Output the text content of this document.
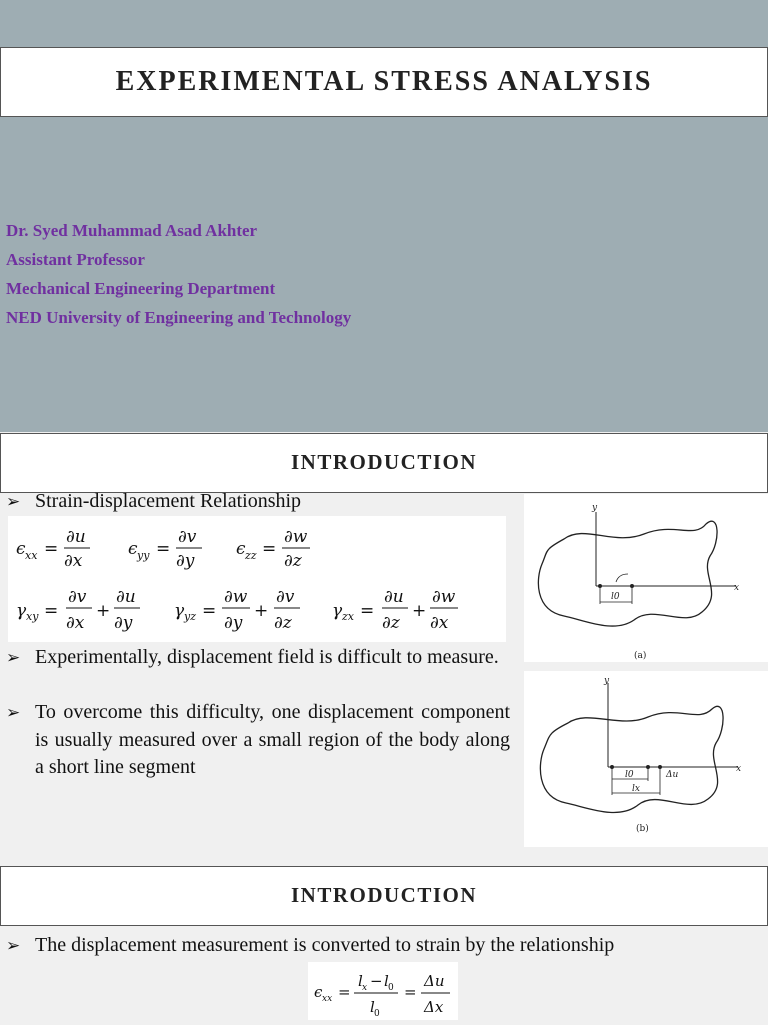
EXPERIMENTAL STRESS ANALYSIS
Dr. Syed Muhammad Asad Akhter
Assistant Professor
Mechanical Engineering Department
NED University of Engineering and Technology
INTRODUCTION
➢ Strain-displacement Relationship
ϵ xx =
∂u
∂x
ϵ yy =
∂v
∂y
ϵ zz =
∂w
∂z
γ xy =
∂v
∂x
+
∂u
∂y
γ yz =
∂w
∂y
+
∂v
∂z
γ zx =
∂u
∂z
+
∂w
∂x
➢ Experimentally, displacement field is difficult to measure.
➢ To overcome this difficulty, one displacement component is usually measured over a small region of the body along a short line segment
y
x
l0
(a)
y
x
l0	Δu
lx
(b)
INTRODUCTION
➢ The displacement measurement is converted to strain by the relationship
ϵ xx =
l x − l 0
l 0
=
Δu
Δx
